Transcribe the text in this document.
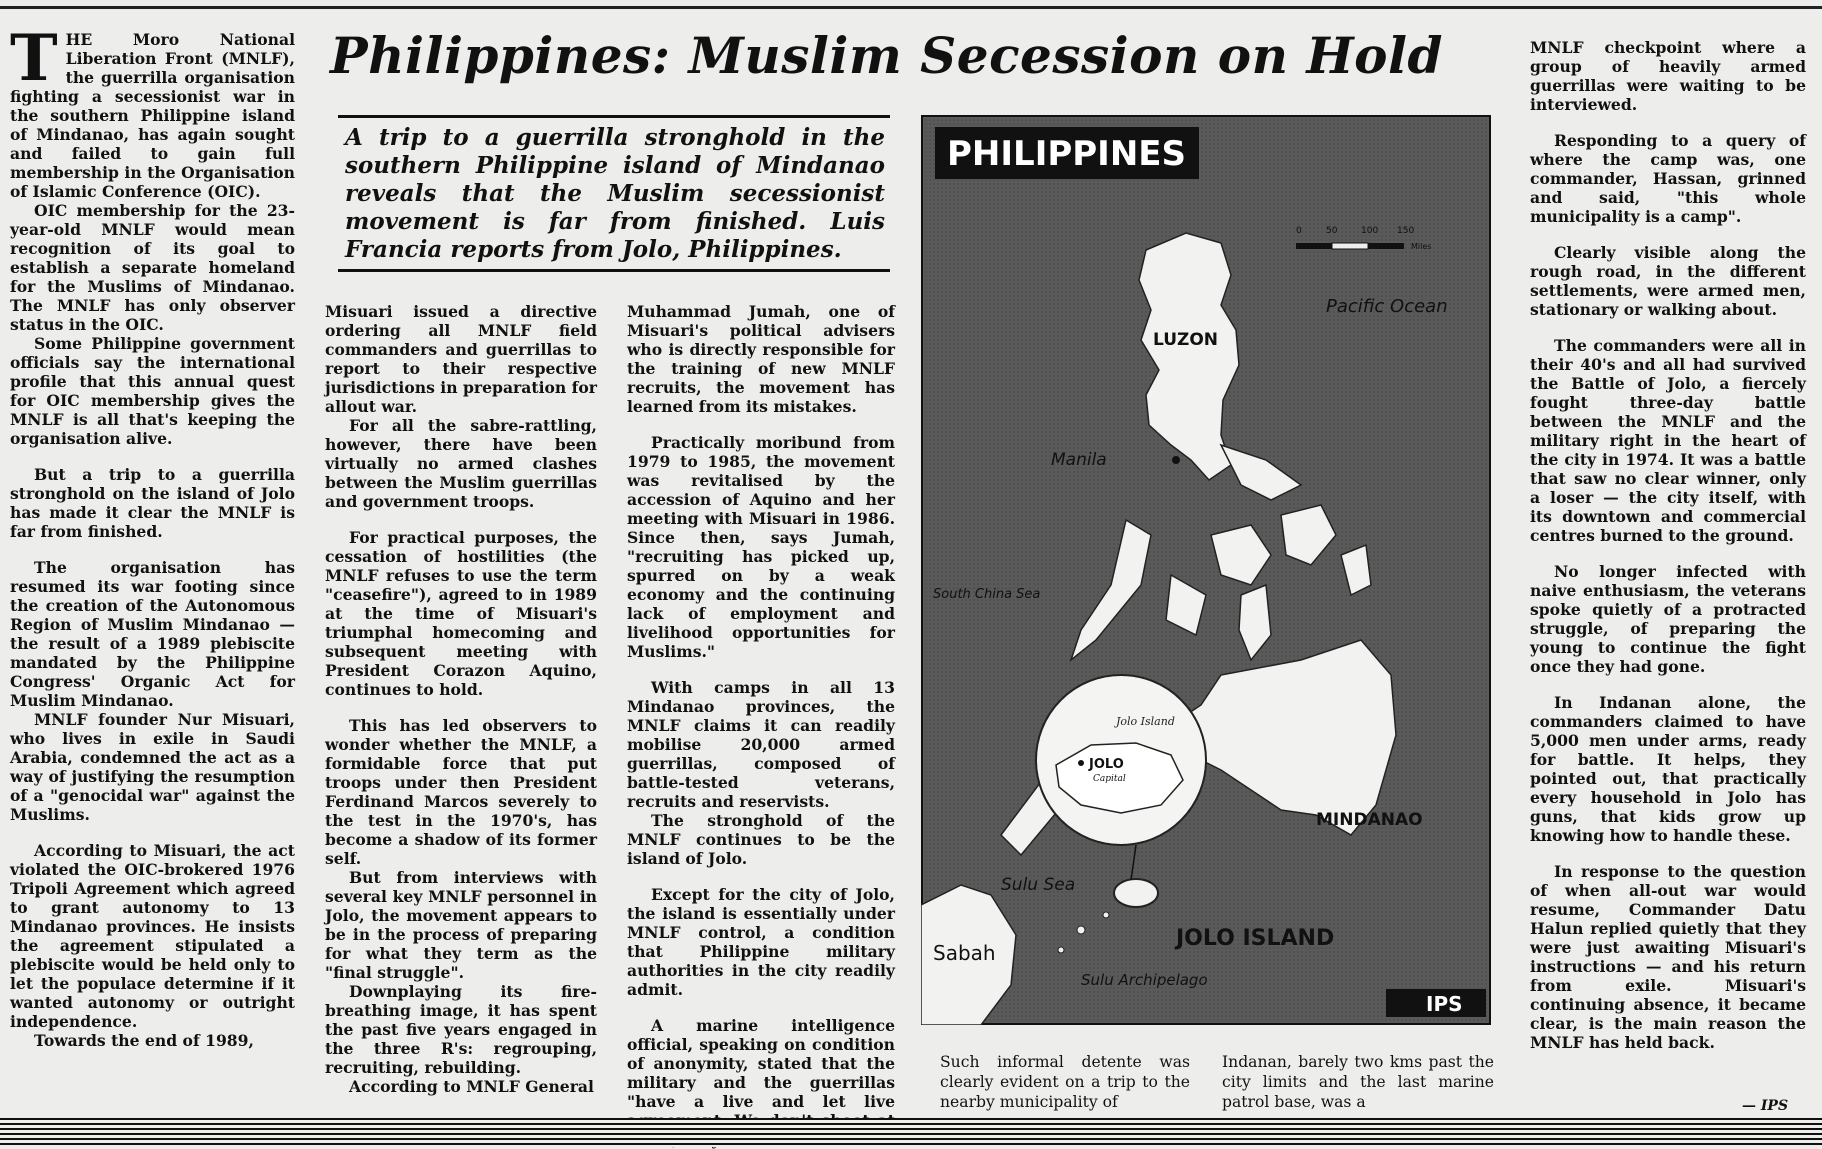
THE Moro National Liberation Front (MNLF), the guerrilla organisation fighting a secessionist war in the southern Philippine island of Mindanao, has again sought and failed to gain full membership in the Organisation of Islamic Conference (OIC).

OIC membership for the 23-year-old MNLF would mean recognition of its goal to establish a separate homeland for the Muslims of Mindanao. The MNLF has only observer status in the OIC.

Some Philippine government officials say the international profile that this annual quest for OIC membership gives the MNLF is all that's keeping the organisation alive.

But a trip to a guerrilla stronghold on the island of Jolo has made it clear the MNLF is far from finished.

The organisation has resumed its war footing since the creation of the Autonomous Region of Muslim Mindanao — the result of a 1989 plebiscite mandated by the Philippine Congress' Organic Act for Muslim Mindanao.

MNLF founder Nur Misuari, who lives in exile in Saudi Arabia, condemned the act as a way of justifying the resumption of a "genocidal war" against the Muslims.

According to Misuari, the act violated the OIC-brokered 1976 Tripoli Agreement which agreed to grant autonomy to 13 Mindanao provinces. He insists the agreement stipulated a plebiscite would be held only to let the populace determine if it wanted autonomy or outright independence.

Towards the end of 1989,

Philippines: Muslim Secession on Hold
A trip to a guerrilla stronghold in the southern Philippine island of Mindanao reveals that the Muslim secessionist movement is far from finished. Luis Francia reports from Jolo, Philippines.

Misuari issued a directive ordering all MNLF field commanders and guerrillas to report to their respective jurisdictions in preparation for allout war.

For all the sabre-rattling, however, there have been virtually no armed clashes between the Muslim guerrillas and government troops.

For practical purposes, the cessation of hostilities (the MNLF refuses to use the term "ceasefire"), agreed to in 1989 at the time of Misuari's triumphal homecoming and subsequent meeting with President Corazon Aquino, continues to hold.

This has led observers to wonder whether the MNLF, a formidable force that put troops under then President Ferdinand Marcos severely to the test in the 1970's, has become a shadow of its former self.

But from interviews with several key MNLF personnel in Jolo, the movement appears to be in the process of preparing for what they term as the "final struggle".

Downplaying its fire-breathing image, it has spent the past five years engaged in the three R's: regrouping, recruiting, rebuilding.

According to MNLF General

Muhammad Jumah, one of Misuari's political advisers who is directly responsible for the training of new MNLF recruits, the movement has learned from its mistakes.

Practically moribund from 1979 to 1985, the movement was revitalised by the accession of Aquino and her meeting with Misuari in 1986. Since then, says Jumah, "recruiting has picked up, spurred on by a weak economy and the continuing lack of employment and livelihood opportunities for Muslims."

With camps in all 13 Mindanao provinces, the MNLF claims it can readily mobilise 20,000 armed guerrillas, composed of battle-tested veterans, recruits and reservists.

The stronghold of the MNLF continues to be the island of Jolo.

Except for the city of Jolo, the island is essentially under MNLF control, a condition that Philippine military authorities in the city readily admit.

A marine intelligence official, speaking on condition of anonymity, stated that the military and the guerrillas "have a live and let live

PHILIPPINES
Jolo Island
JOLO
Capital
0	50	100 150
Miles
LUZON
Manila
Pacific Ocean
South China Sea
MINDANAO
Sulu Sea
Sabah
JOLO ISLAND
Sulu Archipelago
IPS
Such informal detente was clearly evident on a trip to the nearby municipality of
Indanan, barely two kms past the city limits and the last marine patrol base, was a

MNLF checkpoint where a group of heavily armed guerrillas were waiting to be interviewed.

Responding to a query of where the camp was, one commander, Hassan, grinned and said, "this whole municipality is a camp".

Clearly visible along the rough road, in the different settlements, were armed men, stationary or walking about.

The commanders were all in their 40's and all had survived the Battle of Jolo, a fiercely fought three-day battle between the MNLF and the military right in the heart of the city in 1974. It was a battle that saw no clear winner, only a loser — the city itself, with its downtown and commercial centres burned to the ground.

No longer infected with naive enthusiasm, the veterans spoke quietly of a protracted struggle, of preparing the young to continue the fight once they had gone.

In Indanan alone, the commanders claimed to have 5,000 men under arms, ready for battle. It helps, they pointed out, that practically every household in Jolo has guns, that kids grow up knowing how to handle these.

In response to the question of when all-out war would resume, Commander Datu Halun replied quietly that they were just awaiting Misuari's instructions — and his return from exile. Misuari's continuing absence, it became clear, is the main reason the MNLF has held back.

— IPS
